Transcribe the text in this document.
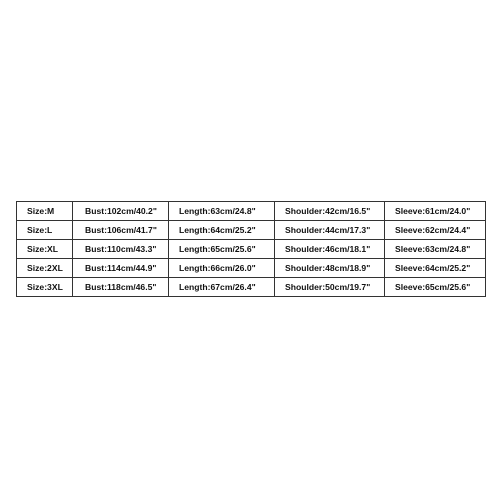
Size:M	Bust:102cm/40.2"	Length:63cm/24.8"	Shoulder:42cm/16.5"	Sleeve:61cm/24.0"
Size:L	Bust:106cm/41.7"	Length:64cm/25.2"	Shoulder:44cm/17.3"	Sleeve:62cm/24.4"
Size:XL	Bust:110cm/43.3"	Length:65cm/25.6"	Shoulder:46cm/18.1"	Sleeve:63cm/24.8"
Size:2XL	Bust:114cm/44.9"	Length:66cm/26.0"	Shoulder:48cm/18.9"	Sleeve:64cm/25.2"
Size:3XL	Bust:118cm/46.5"	Length:67cm/26.4"	Shoulder:50cm/19.7"	Sleeve:65cm/25.6"
